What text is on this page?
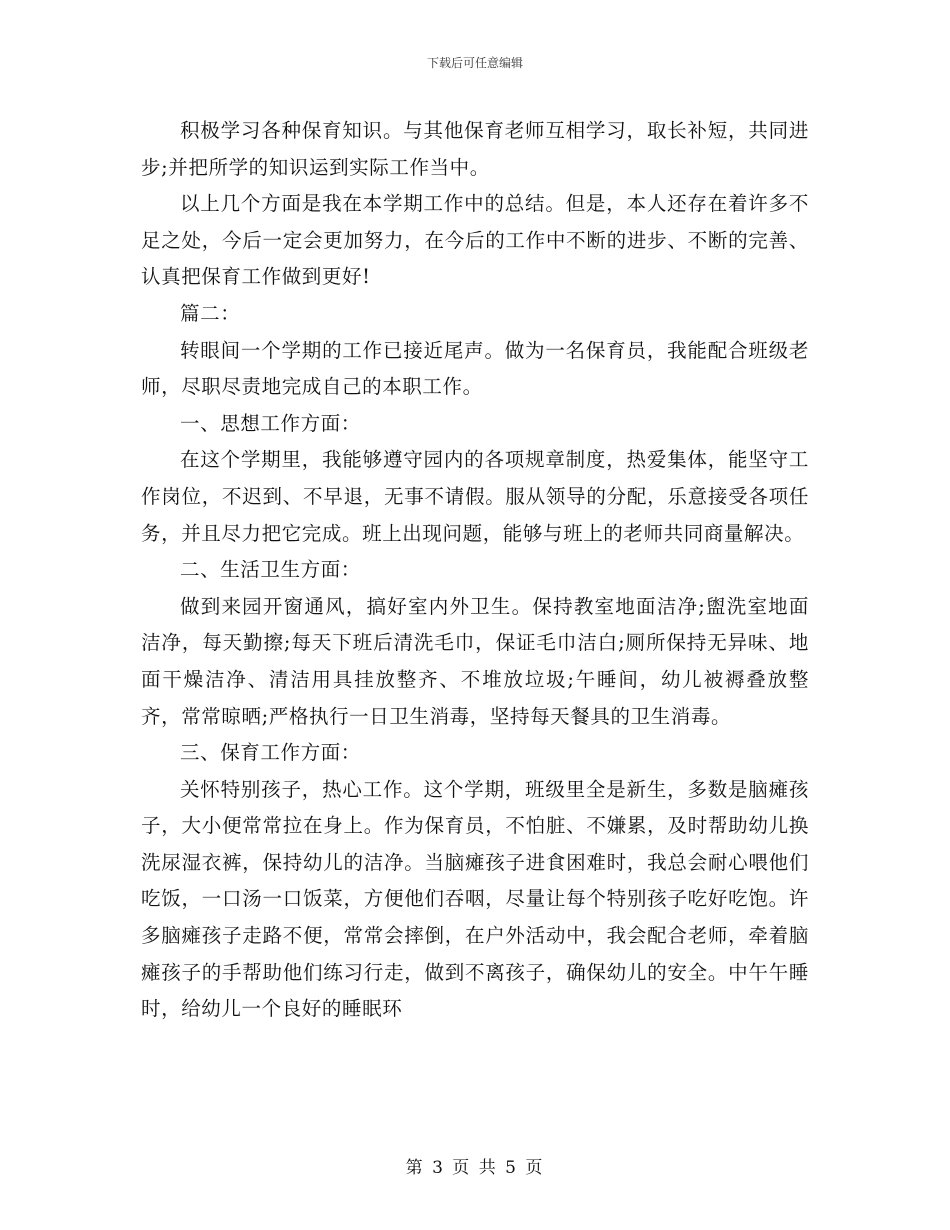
下载后可任意编辑

积极学习各种保育知识。与其他保育老师互相学习，取长补短，共同进步;并把所学的知识运到实际工作当中。

以上几个方面是我在本学期工作中的总结。但是，本人还存在着许多不足之处，今后一定会更加努力，在今后的工作中不断的进步、不断的完善、认真把保育工作做到更好!

篇二：

转眼间一个学期的工作已接近尾声。做为一名保育员，我能配合班级老师，尽职尽责地完成自己的本职工作。

一、思想工作方面：

在这个学期里，我能够遵守园内的各项规章制度，热爱集体，能坚守工作岗位，不迟到、不早退，无事不请假。服从领导的分配，乐意接受各项任务，并且尽力把它完成。班上出现问题，能够与班上的老师共同商量解决。

二、生活卫生方面：

做到来园开窗通风，搞好室内外卫生。保持教室地面洁净;盥洗室地面洁净，每天勤擦;每天下班后清洗毛巾，保证毛巾洁白;厕所保持无异味、地面干燥洁净、清洁用具挂放整齐、不堆放垃圾;午睡间，幼儿被褥叠放整齐，常常晾晒;严格执行一日卫生消毒，坚持每天餐具的卫生消毒。

三、保育工作方面：

关怀特别孩子，热心工作。这个学期，班级里全是新生，多数是脑瘫孩子，大小便常常拉在身上。作为保育员，不怕脏、不嫌累，及时帮助幼儿换洗尿湿衣裤，保持幼儿的洁净。当脑瘫孩子进食困难时，我总会耐心喂他们吃饭，一口汤一口饭菜，方便他们吞咽，尽量让每个特别孩子吃好吃饱。许多脑瘫孩子走路不便，常常会摔倒，在户外活动中，我会配合老师，牵着脑瘫孩子的手帮助他们练习行走，做到不离孩子，确保幼儿的安全。中午午睡时，给幼儿一个良好的睡眠环

第 3 页 共 5 页
